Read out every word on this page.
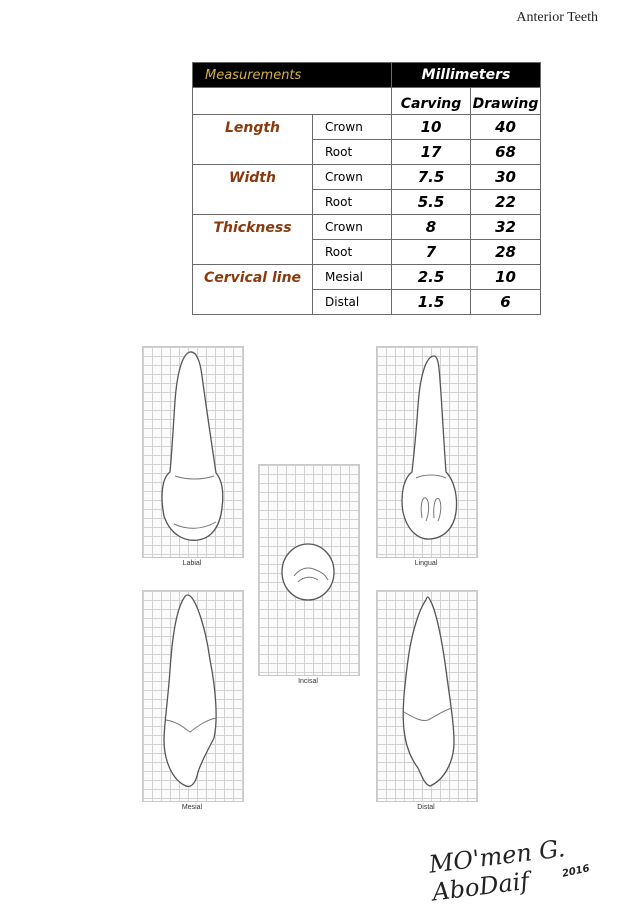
Anterior Teeth
Measurements		Millimeters	
		Carving	Drawing
Length	Crown	10	40
	Root	17	68
Width	Crown	7.5	30
	Root	5.5	22
Thickness	Crown	8	32
	Root	7	28
Cervical line	Mesial	2.5	10
	Distal	1.5	6
Labial	Lingual
Incisal
Mesial	Distal
MO'men G. AboDaif	2016
